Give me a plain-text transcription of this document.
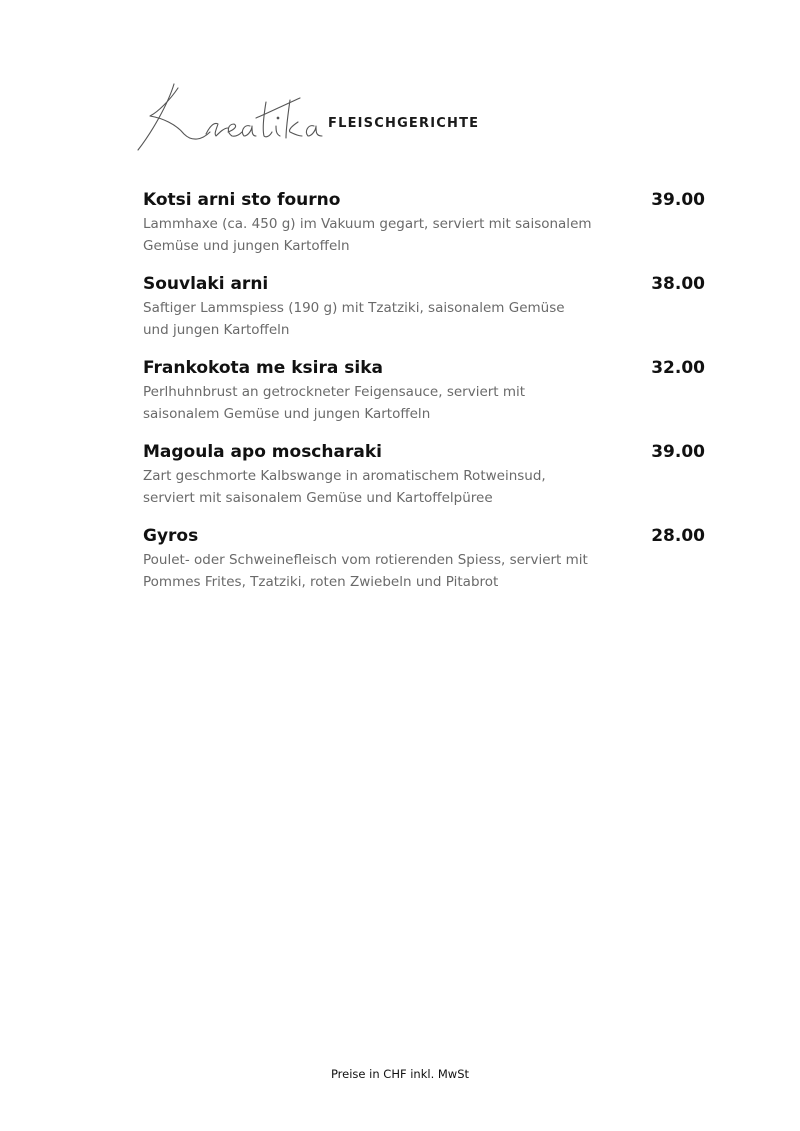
FLEISCHGERICHTE
Kotsi arni sto fourno	39.00
Lammhaxe (ca. 450 g) im Vakuum gegart, serviert mit saisonalem Gemüse und jungen Kartoffeln
Souvlaki arni	38.00
Saftiger Lammspiess (190 g) mit Tzatziki, saisonalem Gemüse und jungen Kartoffeln
Frankokota me ksira sika	32.00
Perlhuhnbrust an getrockneter Feigensauce, serviert mit saisonalem Gemüse und jungen Kartoffeln
Magoula apo moscharaki	39.00
Zart geschmorte Kalbswange in aromatischem Rotweinsud, serviert mit saisonalem Gemüse und Kartoffelpüree
Gyros	28.00
Poulet- oder Schweinefleisch vom rotierenden Spiess, serviert mit Pommes Frites, Tzatziki, roten Zwiebeln und Pitabrot
Preise in CHF inkl. MwSt
